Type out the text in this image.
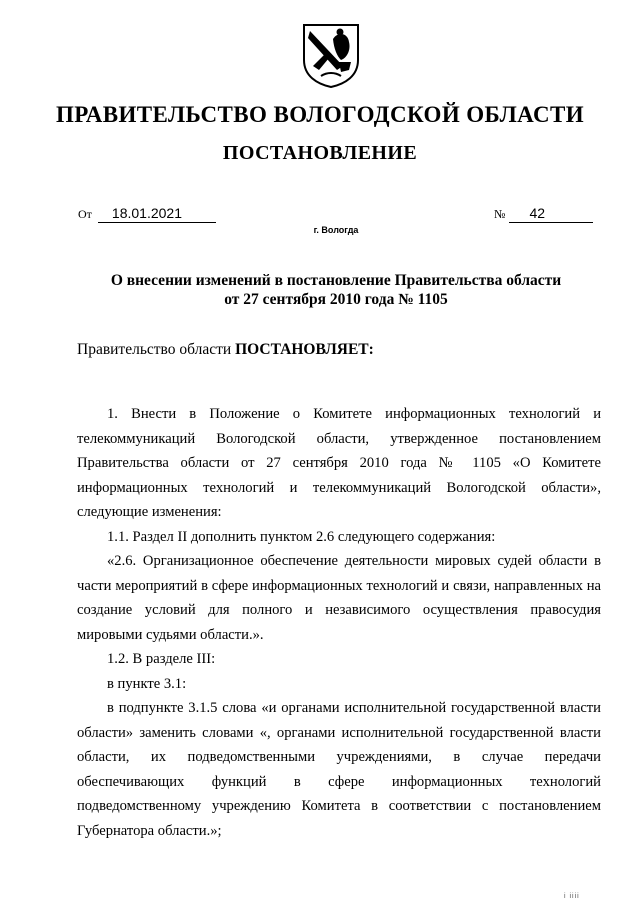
ПРАВИТЕЛЬСТВО ВОЛОГОДСКОЙ ОБЛАСТИ
ПОСТАНОВЛЕНИЕ
От 18.01.2021	№ 42
г. Вологда
О внесении изменений в постановление Правительства области
от 27 сентября 2010 года № 1105

Правительство области ПОСТАНОВЛЯЕТ:

1. Внести в Положение о Комитете информационных технологий и телекоммуникаций Вологодской области, утвержденное постановлением Правительства области от 27 сентября 2010 года № 1105 «О Комитете информационных технологий и телекоммуникаций Вологодской области», следующие изменения:

1.1. Раздел II дополнить пунктом 2.6 следующего содержания:

«2.6. Организационное обеспечение деятельности мировых судей области в части мероприятий в сфере информационных технологий и связи, направленных на создание условий для полного и независимого осуществления правосудия мировыми судьями области.».

1.2. В разделе III:

в пункте 3.1:

в подпункте 3.1.5 слова «и органами исполнительной государственной власти области» заменить словами «, органами исполнительной государственной власти области, их подведомственными учреждениями, в случае передачи обеспечивающих функций в сфере информационных технологий подведомственному учреждению Комитета в соответствии с постановлением Губернатора области.»;

i iiii
